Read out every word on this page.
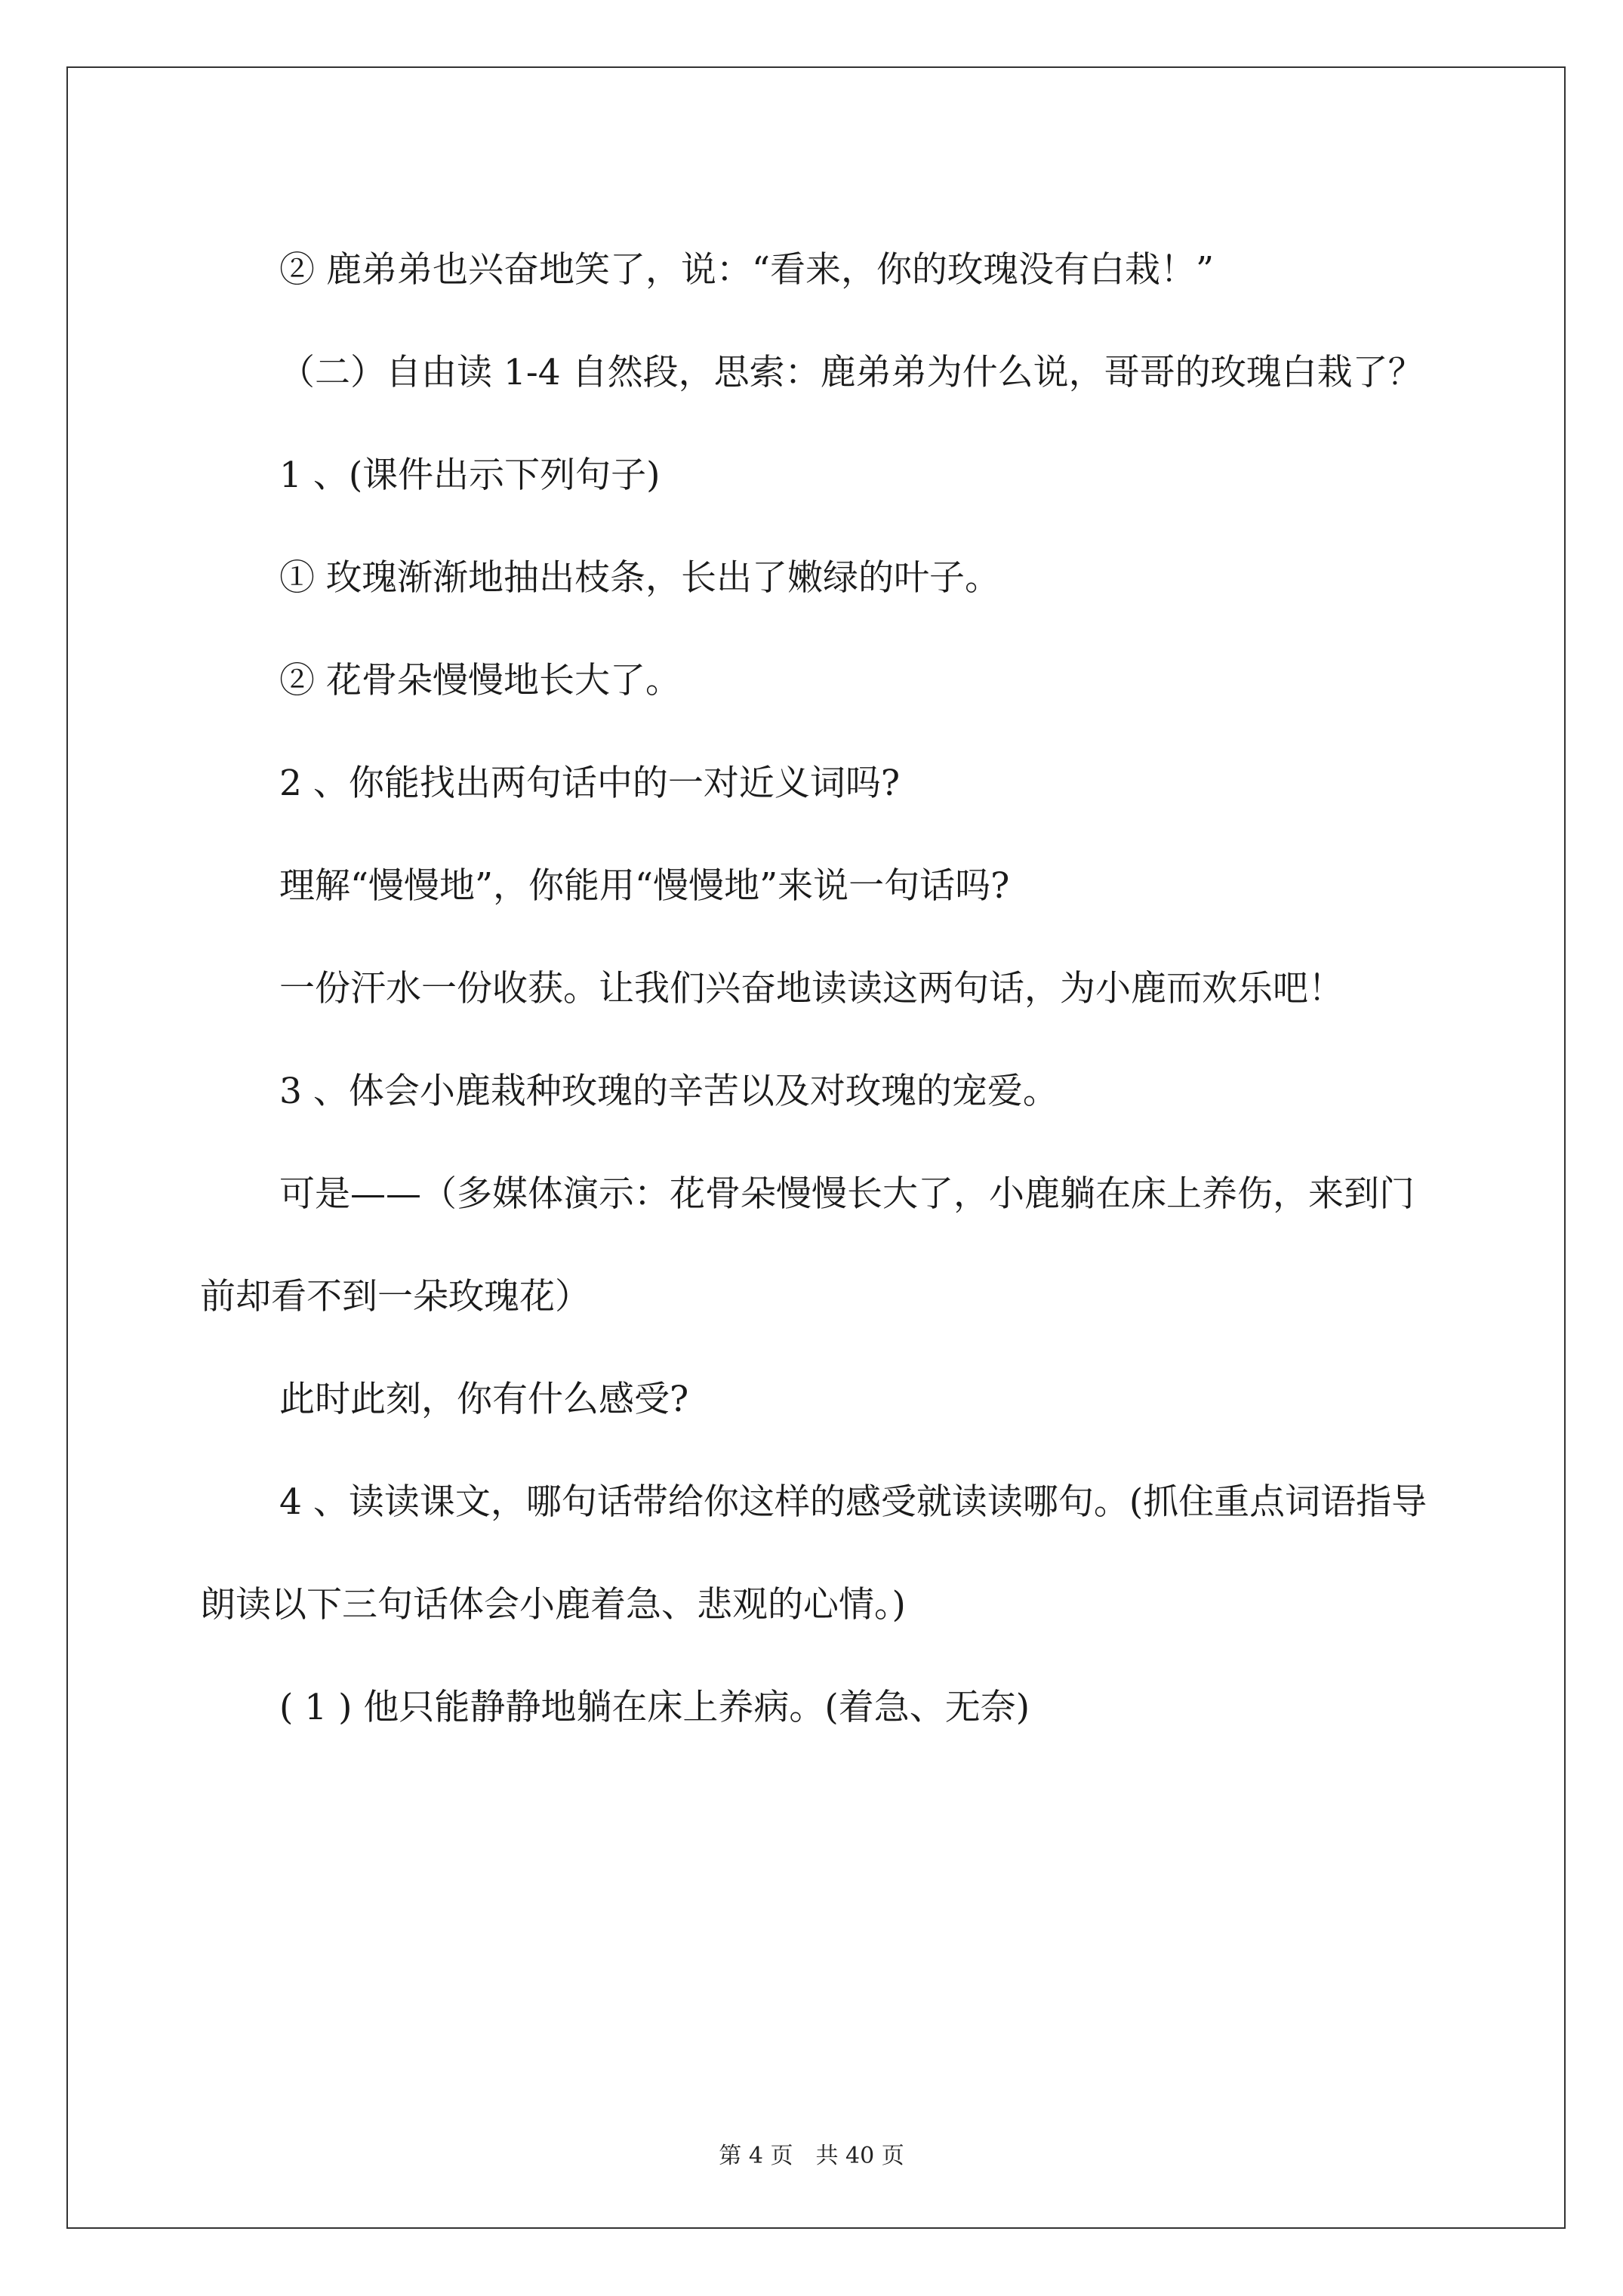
② 鹿弟弟也兴奋地笑了，说：“看来，你的玫瑰没有白栽！”

（二）自由读 1-4 自然段，思索：鹿弟弟为什么说，哥哥的玫瑰白栽了？

1 、(课件出示下列句子)

① 玫瑰渐渐地抽出枝条，长出了嫩绿的叶子。

② 花骨朵慢慢地长大了。

2 、你能找出两句话中的一对近义词吗?

理解“慢慢地”，你能用“慢慢地”来说一句话吗?

一份汗水一份收获。让我们兴奋地读读这两句话，为小鹿而欢乐吧！

3 、体会小鹿栽种玫瑰的辛苦以及对玫瑰的宠爱。

可是——（多媒体演示：花骨朵慢慢长大了，小鹿躺在床上养伤，来到门前却看不到一朵玫瑰花）

此时此刻，你有什么感受?

4 、读读课文，哪句话带给你这样的感受就读读哪句。(抓住重点词语指导朗读以下三句话体会小鹿着急、悲观的心情。)

( 1 ) 他只能静静地躺在床上养病。(着急、无奈)

第 4 页　共 40 页
